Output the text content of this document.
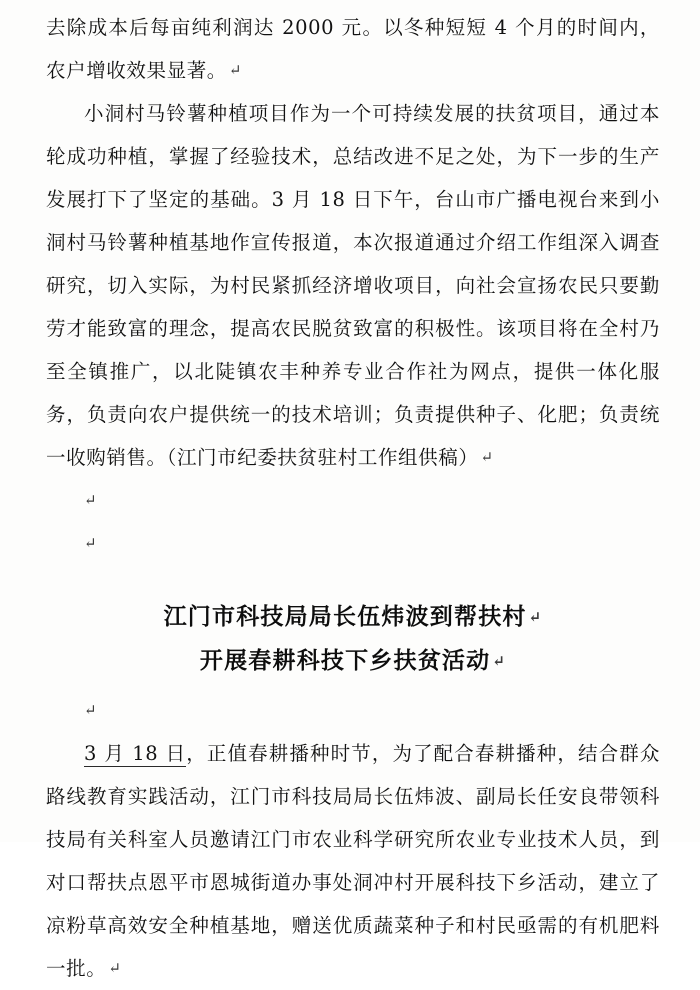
去除成本后每亩纯利润达 2000 元。以冬种短短 4 个月的时间内，农户增收效果显著。 ↵

小洞村马铃薯种植项目作为一个可持续发展的扶贫项目，通过本轮成功种植，掌握了经验技术，总结改进不足之处，为下一步的生产发展打下了坚定的基础。3 月 18 日下午，台山市广播电视台来到小洞村马铃薯种植基地作宣传报道，本次报道通过介绍工作组深入调查研究，切入实际，为村民紧抓经济增收项目，向社会宣扬农民只要勤劳才能致富的理念，提高农民脱贫致富的积极性。该项目将在全村乃至全镇推广，以北陡镇农丰种养专业合作社为网点，提供一体化服务，负责向农户提供统一的技术培训；负责提供种子、化肥；负责统一收购销售。（江门市纪委扶贫驻村工作组供稿） ↵

↵
↵
江门市科技局局长伍炜波到帮扶村 ↵
开展春耕科技下乡扶贫活动 ↵
↵

3 月 18 日，正值春耕播种时节，为了配合春耕播种，结合群众路线教育实践活动，江门市科技局局长伍炜波、副局长任安良带领科技局有关科室人员邀请江门市农业科学研究所农业专业技术人员，到对口帮扶点恩平市恩城街道办事处洞冲村开展科技下乡活动，建立了凉粉草高效安全种植基地，赠送优质蔬菜种子和村民亟需的有机肥料一批。 ↵
